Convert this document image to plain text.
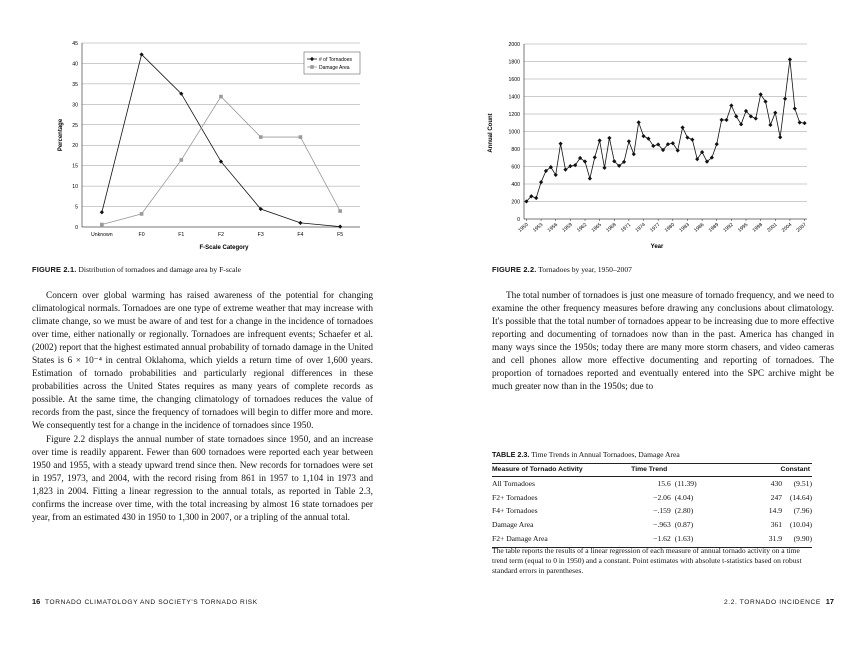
0
5
10
15
20
25
30
35
40
45
Unknown	F0	F1	F2	F3	F4	F5
# of Tornadoes
Damage Area
F-Scale Category
Percentage
FIGURE 2.1. Distribution of tornadoes and damage area by F-scale

Concern over global warming has raised awareness of the potential for changing climatological normals. Tornadoes are one type of extreme weather that may increase with climate change, so we must be aware of and test for a change in the incidence of tornadoes over time, either nationally or regionally. Tornadoes are infrequent events; Schaefer et al. (2002) report that the highest estimated annual probability of tornado damage in the United States is 6 × 10⁻⁴ in central Oklahoma, which yields a return time of over 1,600 years. Estimation of tornado probabilities and particularly regional differences in these probabilities across the United States requires as many years of complete records as possible. At the same time, the changing climatology of tornadoes reduces the value of records from the past, since the frequency of tornadoes will begin to differ more and more. We consequently test for a change in the incidence of tornadoes since 1950.

Figure 2.2 displays the annual number of state tornadoes since 1950, and an increase over time is readily apparent. Fewer than 600 tornadoes were reported each year between 1950 and 1955, with a steady upward trend since then. New records for tornadoes were set in 1957, 1973, and 2004, with the record rising from 861 in 1957 to 1,104 in 1973 and 1,823 in 2004. Fitting a linear regression to the annual totals, as reported in Table 2.3, confirms the increase over time, with the total increasing by almost 16 state tornadoes per year, from an estimated 430 in 1950 to 1,300 in 2007, or a tripling of the annual total.

16 TORNADO CLIMATOLOGY AND SOCIETY'S TORNADO RISK
0
200
400
600
800
1000
1200
1400
1600
1800
2000
1950 1953 1956 1959 1962 1965 1968 1971 1974 1977 1980 1983 1986 1989 1992 1995 1998 2001 2004 2007
Year
Annual Count
FIGURE 2.2. Tornadoes by year, 1950–2007

The total number of tornadoes is just one measure of tornado frequency, and we need to examine the other frequency measures before drawing any conclusions about climatology. It's possible that the total number of tornadoes appear to be increasing due to more effective reporting and documenting of tornadoes now than in the past. America has changed in many ways since the 1950s; today there are many more storm chasers, and video cameras and cell phones allow more effective documenting and reporting of tornadoes. The proportion of tornadoes reported and eventually entered into the SPC archive might be much greater now than in the 1950s; due to

TABLE 2.3. Time Trends in Annual Tornadoes, Damage Area
Measure of Tornado Activity	Time Trend		Constant	
All Tornadoes	15.6	(11.39)	430	(9.51)
F2+ Tornadoes	−2.06	(4.04)	247	(14.64)
F4+ Tornadoes	−.159	(2.80)	14.9	(7.96)
Damage Area	−.963	(0.87)	361	(10.04)
F2+ Damage Area	−1.62	(1.63)	31.9	(9.90)
The table reports the results of a linear regression of each measure of annual tornado activity on a time trend term (equal to 0 in 1950) and a constant. Point estimates with absolute t-statistics based on robust standard errors in parentheses.
2.2. TORNADO INCIDENCE 17
